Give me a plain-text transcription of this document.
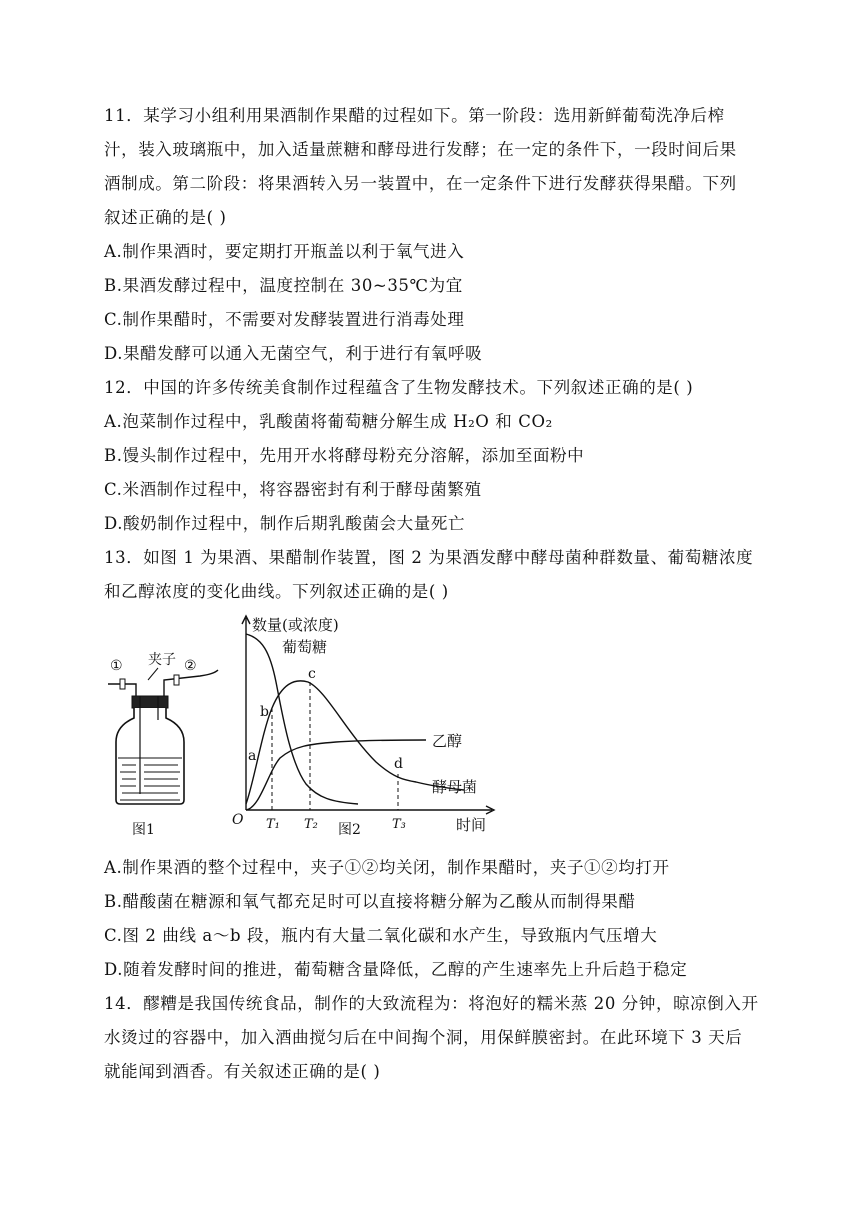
11．某学习小组利用果酒制作果醋的过程如下。第一阶段：选用新鲜葡萄洗净后榨
汁，装入玻璃瓶中，加入适量蔗糖和酵母进行发酵；在一定的条件下，一段时间后果
酒制成。第二阶段：将果酒转入另一装置中，在一定条件下进行发酵获得果醋。下列
叙述正确的是( )
A.制作果酒时，要定期打开瓶盖以利于氧气进入
B.果酒发酵过程中，温度控制在 30~35℃为宜
C.制作果醋时，不需要对发酵装置进行消毒处理
D.果醋发酵可以通入无菌空气，利于进行有氧呼吸
12．中国的许多传统美食制作过程蕴含了生物发酵技术。下列叙述正确的是( )
A.泡菜制作过程中，乳酸菌将葡萄糖分解生成 H₂O 和 CO₂
B.馒头制作过程中，先用开水将酵母粉充分溶解，添加至面粉中
C.米酒制作过程中，将容器密封有利于酵母菌繁殖
D.酸奶制作过程中，制作后期乳酸菌会大量死亡
13．如图 1 为果酒、果醋制作装置，图 2 为果酒发酵中酵母菌种群数量、葡萄糖浓度
和乙醇浓度的变化曲线。下列叙述正确的是( )
①	②
夹子
图1
数量(或浓度)
时间
O
葡萄糖
乙醇
酵母菌
a
b
c
d
T₁ T₂	T₃
图2
A.制作果酒的整个过程中，夹子①②均关闭，制作果醋时，夹子①②均打开
B.醋酸菌在糖源和氧气都充足时可以直接将糖分解为乙酸从而制得果醋
C.图 2 曲线 a～b 段，瓶内有大量二氧化碳和水产生，导致瓶内气压增大
D.随着发酵时间的推进，葡萄糖含量降低，乙醇的产生速率先上升后趋于稳定
14．醪糟是我国传统食品，制作的大致流程为：将泡好的糯米蒸 20 分钟，晾凉倒入开
水烫过的容器中，加入酒曲搅匀后在中间掏个洞，用保鲜膜密封。在此环境下 3 天后
就能闻到酒香。有关叙述正确的是( )
